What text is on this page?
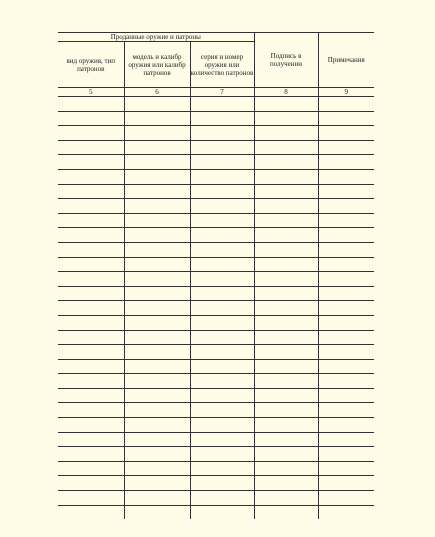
Проданные оружие и патроны			Подпись в получении	Примечания
вид оружия, тип патронов	модель и калибр оружия или калибр патронов	серия и номер оружия или количество патронов		
5	6	7	8	9
